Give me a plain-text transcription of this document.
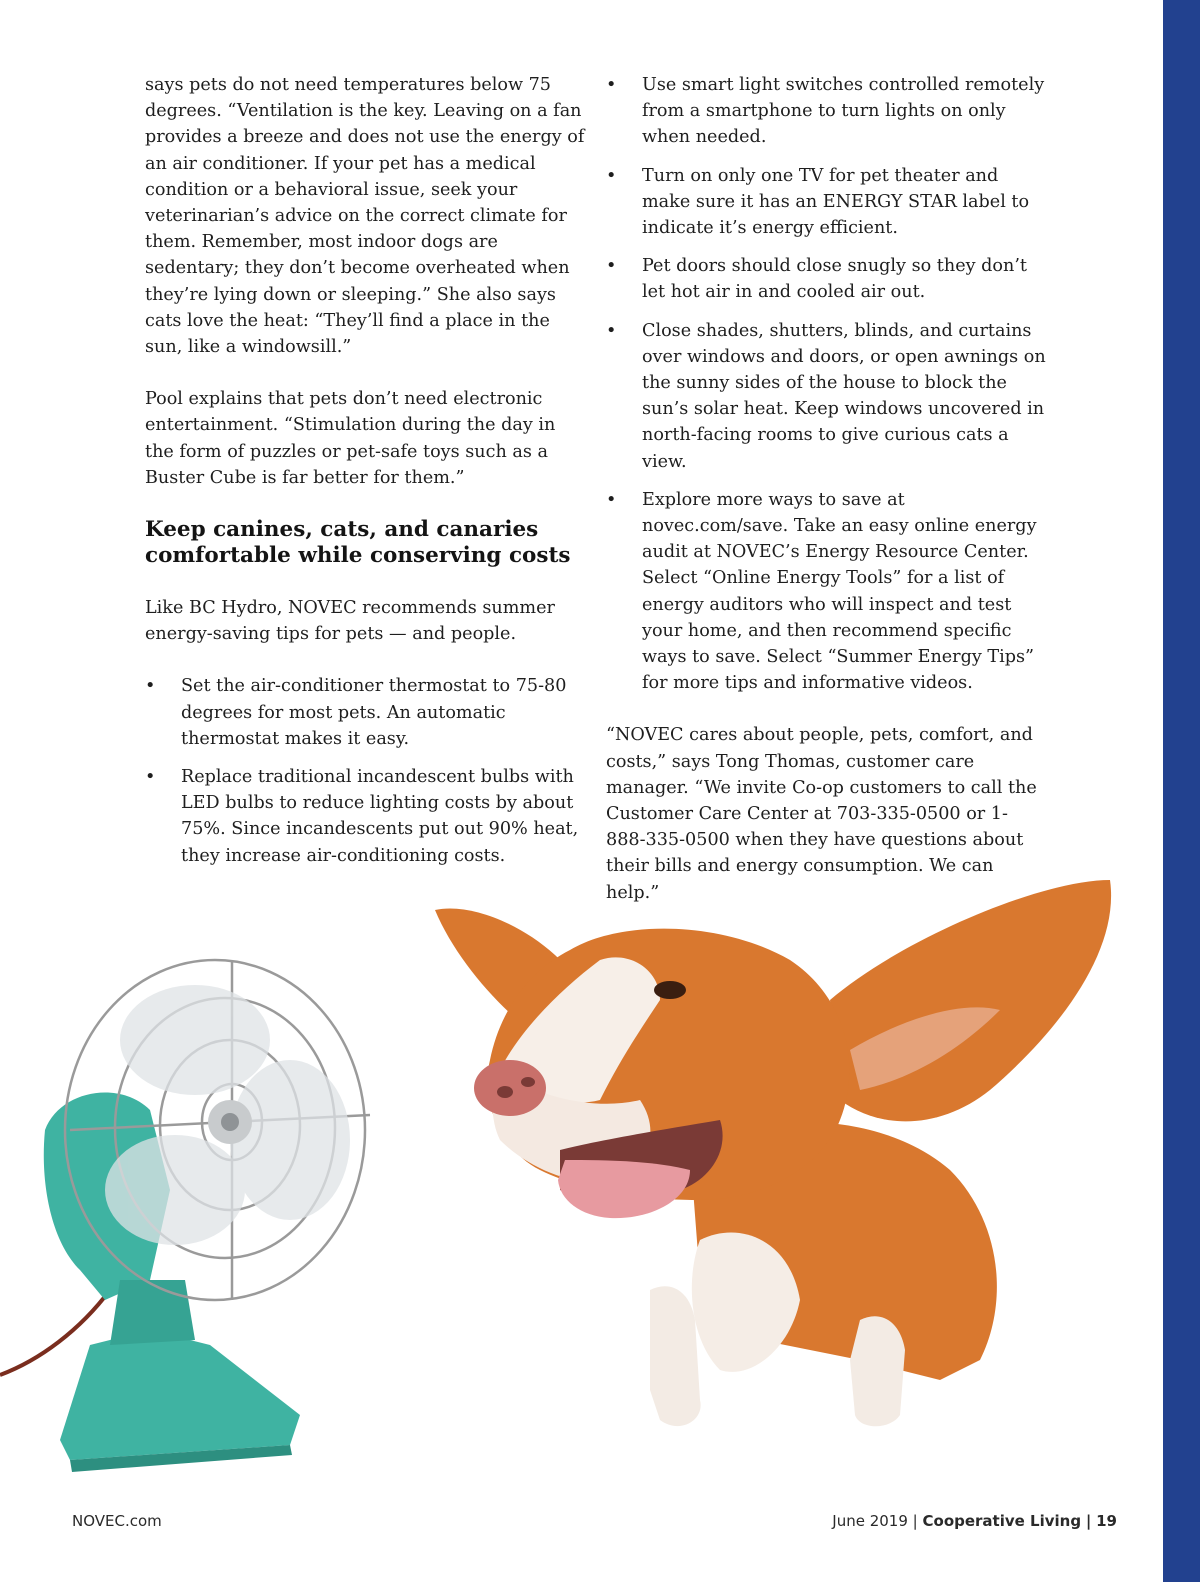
says pets do not need temperatures below 75 degrees. “Ventilation is the key. Leaving on a fan provides a breeze and does not use the energy of an air conditioner. If your pet has a medical condition or a behavioral issue, seek your veterinarian’s advice on the correct climate for them. Remember, most indoor dogs are sedentary; they don’t become overheated when they’re lying down or sleeping.” She also says cats love the heat: “They’ll find a place in the sun, like a windowsill.”

Pool explains that pets don’t need electronic entertainment. “Stimulation during the day in the form of puzzles or pet-safe toys such as a Buster Cube is far better for them.”

Keep canines, cats, and canaries comfortable while conserving costs

Like BC Hydro, NOVEC recommends summer energy-saving tips for pets — and people.

• Set the air-conditioner thermostat to 75-80 degrees for most pets. An automatic thermostat makes it easy.
• Replace traditional incandescent bulbs with LED bulbs to reduce lighting costs by about 75%. Since incandescents put out 90% heat, they increase air-conditioning costs.
• Use smart light switches controlled remotely from a smartphone to turn lights on only when needed.
• Turn on only one TV for pet theater and make sure it has an ENERGY STAR label to indicate it’s energy efficient.
• Pet doors should close snugly so they don’t let hot air in and cooled air out.
• Close shades, shutters, blinds, and curtains over windows and doors, or open awnings on the sunny sides of the house to block the sun’s solar heat. Keep windows uncovered in north-facing rooms to give curious cats a view.
• Explore more ways to save at novec.com/save. Take an easy online energy audit at NOVEC’s Energy Resource Center. Select “Online Energy Tools” for a list of energy auditors who will inspect and test your home, and then recommend specific ways to save. Select “Summer Energy Tips” for more tips and informative videos.

“NOVEC cares about people, pets, comfort, and costs,” says Tong Thomas, customer care manager. “We invite Co-op customers to call the Customer Care Center at 703-335-0500 or 1-888-335-0500 when they have questions about their bills and energy consumption. We can help.”

NOVEC.com	June 2019 | Cooperative Living | 19
